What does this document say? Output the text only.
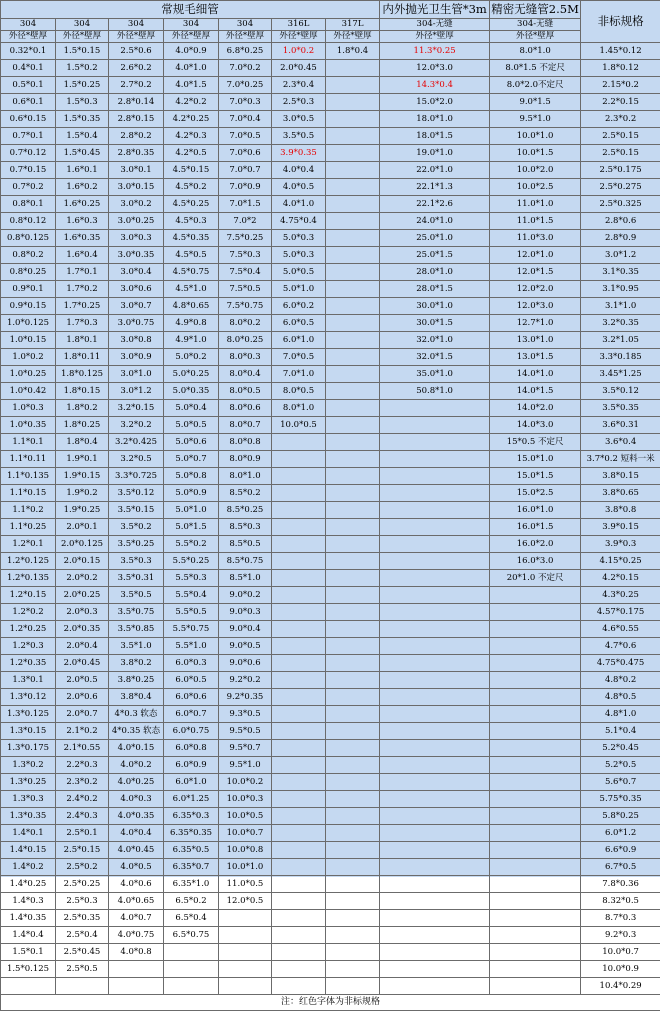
常规毛细管							内外抛光卫生管*3m	精密无缝管2.5M	非标规格
304	304	304	304	304	316L	317L	304-无缝	304-无缝	
外径*壁厚	外径*壁厚	外径*壁厚	外径*壁厚	外径*壁厚	外径*壁厚	外径*壁厚	外径*壁厚	外径*壁厚	
0.32*0.1	1.5*0.15	2.5*0.6	4.0*0.9	6.8*0.25	1.0*0.2	1.8*0.4	11.3*0.25	8.0*1.0	1.45*0.12
0.4*0.1	1.5*0.2	2.6*0.2	4.0*1.0	7.0*0.2	2.0*0.45		12.0*3.0	8.0*1.5 不定尺	1.8*0.12
0.5*0.1	1.5*0.25	2.7*0.2	4.0*1.5	7.0*0.25	2.3*0.4		14.3*0.4	8.0*2.0不定尺	2.15*0.2
0.6*0.1	1.5*0.3	2.8*0.14	4.2*0.2	7.0*0.3	2.5*0.3		15.0*2.0	9.0*1.5	2.2*0.15
0.6*0.15	1.5*0.35	2.8*0.15	4.2*0.25	7.0*0.4	3.0*0.5		18.0*1.0	9.5*1.0	2.3*0.2
0.7*0.1	1.5*0.4	2.8*0.2	4.2*0.3	7.0*0.5	3.5*0.5		18.0*1.5	10.0*1.0	2.5*0.15
0.7*0.12	1.5*0.45	2.8*0.35	4.2*0.5	7.0*0.6	3.9*0.35		19.0*1.0	10.0*1.5	2.5*0.15
0.7*0.15	1.6*0.1	3.0*0.1	4.5*0.15	7.0*0.7	4.0*0.4		22.0*1.0	10.0*2.0	2.5*0.175
0.7*0.2	1.6*0.2	3.0*0.15	4.5*0.2	7.0*0.9	4.0*0.5		22.1*1.3	10.0*2.5	2.5*0.275
0.8*0.1	1.6*0.25	3.0*0.2	4.5*0.25	7.0*1.5	4.0*1.0		22.1*2.6	11.0*1.0	2.5*0.325
0.8*0.12	1.6*0.3	3.0*0.25	4.5*0.3	7.0*2	4.75*0.4		24.0*1.0	11.0*1.5	2.8*0.6
0.8*0.125	1.6*0.35	3.0*0.3	4.5*0.35	7.5*0.25	5.0*0.3		25.0*1.0	11.0*3.0	2.8*0.9
0.8*0.2	1.6*0.4	3.0*0.35	4.5*0.5	7.5*0.3	5.0*0.3		25.0*1.5	12.0*1.0	3.0*1.2
0.8*0.25	1.7*0.1	3.0*0.4	4.5*0.75	7.5*0.4	5.0*0.5		28.0*1.0	12.0*1.5	3.1*0.35
0.9*0.1	1.7*0.2	3.0*0.6	4.5*1.0	7.5*0.5	5.0*1.0		28.0*1.5	12.0*2.0	3.1*0.95
0.9*0.15	1.7*0.25	3.0*0.7	4.8*0.65	7.5*0.75	6.0*0.2		30.0*1.0	12.0*3.0	3.1*1.0
1.0*0.125	1.7*0.3	3.0*0.75	4.9*0.8	8.0*0.2	6.0*0.5		30.0*1.5	12.7*1.0	3.2*0.35
1.0*0.15	1.8*0.1	3.0*0.8	4.9*1.0	8.0*0.25	6.0*1.0		32.0*1.0	13.0*1.0	3.2*1.05
1.0*0.2	1.8*0.11	3.0*0.9	5.0*0.2	8.0*0.3	7.0*0.5		32.0*1.5	13.0*1.5	3.3*0.185
1.0*0.25	1.8*0.125	3.0*1.0	5.0*0.25	8.0*0.4	7.0*1.0		35.0*1.0	14.0*1.0	3.45*1.25
1.0*0.42	1.8*0.15	3.0*1.2	5.0*0.35	8.0*0.5	8.0*0.5		50.8*1.0	14.0*1.5	3.5*0.12
1.0*0.3	1.8*0.2	3.2*0.15	5.0*0.4	8.0*0.6	8.0*1.0			14.0*2.0	3.5*0.35
1.0*0.35	1.8*0.25	3.2*0.2	5.0*0.5	8.0*0.7	10.0*0.5			14.0*3.0	3.6*0.31
1.1*0.1	1.8*0.4	3.2*0.425	5.0*0.6	8.0*0.8				15*0.5 不定尺	3.6*0.4
1.1*0.11	1.9*0.1	3.2*0.5	5.0*0.7	8.0*0.9				15.0*1.0	3.7*0.2 短料一米
1.1*0.135	1.9*0.15	3.3*0.725	5.0*0.8	8.0*1.0				15.0*1.5	3.8*0.15
1.1*0.15	1.9*0.2	3.5*0.12	5.0*0.9	8.5*0.2				15.0*2.5	3.8*0.65
1.1*0.2	1.9*0.25	3.5*0.15	5.0*1.0	8.5*0.25				16.0*1.0	3.8*0.8
1.1*0.25	2.0*0.1	3.5*0.2	5.0*1.5	8.5*0.3				16.0*1.5	3.9*0.15
1.2*0.1	2.0*0.125	3.5*0.25	5.5*0.2	8.5*0.5				16.0*2.0	3.9*0.3
1.2*0.125	2.0*0.15	3.5*0.3	5.5*0.25	8.5*0.75				16.0*3.0	4.15*0.25
1.2*0.135	2.0*0.2	3.5*0.31	5.5*0.3	8.5*1.0				20*1.0 不定尺	4.2*0.15
1.2*0.15	2.0*0.25	3.5*0.5	5.5*0.4	9.0*0.2					4.3*0.25
1.2*0.2	2.0*0.3	3.5*0.75	5.5*0.5	9.0*0.3					4.57*0.175
1.2*0.25	2.0*0.35	3.5*0.85	5.5*0.75	9.0*0.4					4.6*0.55
1.2*0.3	2.0*0.4	3.5*1.0	5.5*1.0	9.0*0.5					4.7*0.6
1.2*0.35	2.0*0.45	3.8*0.2	6.0*0.3	9.0*0.6					4.75*0.475
1.3*0.1	2.0*0.5	3.8*0.25	6.0*0.5	9.2*0.2					4.8*0.2
1.3*0.12	2.0*0.6	3.8*0.4	6.0*0.6	9.2*0.35					4.8*0.5
1.3*0.125	2.0*0.7	4*0.3 软态	6.0*0.7	9.3*0.5					4.8*1.0
1.3*0.15	2.1*0.2	4*0.35 软态	6.0*0.75	9.5*0.5					5.1*0.4
1.3*0.175	2.1*0.55	4.0*0.15	6.0*0.8	9.5*0.7					5.2*0.45
1.3*0.2	2.2*0.3	4.0*0.2	6.0*0.9	9.5*1.0					5.2*0.5
1.3*0.25	2.3*0.2	4.0*0.25	6.0*1.0	10.0*0.2					5.6*0.7
1.3*0.3	2.4*0.2	4.0*0.3	6.0*1.25	10.0*0.3					5.75*0.35
1.3*0.35	2.4*0.3	4.0*0.35	6.35*0.3	10.0*0.5					5.8*0.25
1.4*0.1	2.5*0.1	4.0*0.4	6.35*0.35	10.0*0.7					6.0*1.2
1.4*0.15	2.5*0.15	4.0*0.45	6.35*0.5	10.0*0.8					6.6*0.9
1.4*0.2	2.5*0.2	4.0*0.5	6.35*0.7	10.0*1.0					6.7*0.5
1.4*0.25	2.5*0.25	4.0*0.6	6.35*1.0	11.0*0.5					7.8*0.36
1.4*0.3	2.5*0.3	4.0*0.65	6.5*0.2	12.0*0.5					8.32*0.5
1.4*0.35	2.5*0.35	4.0*0.7	6.5*0.4						8.7*0.3
1.4*0.4	2.5*0.4	4.0*0.75	6.5*0.75						9.2*0.3
1.5*0.1	2.5*0.45	4.0*0.8							10.0*0.7
1.5*0.125	2.5*0.5								10.0*0.9
									10.4*0.29
注：红色字体为非标规格									
